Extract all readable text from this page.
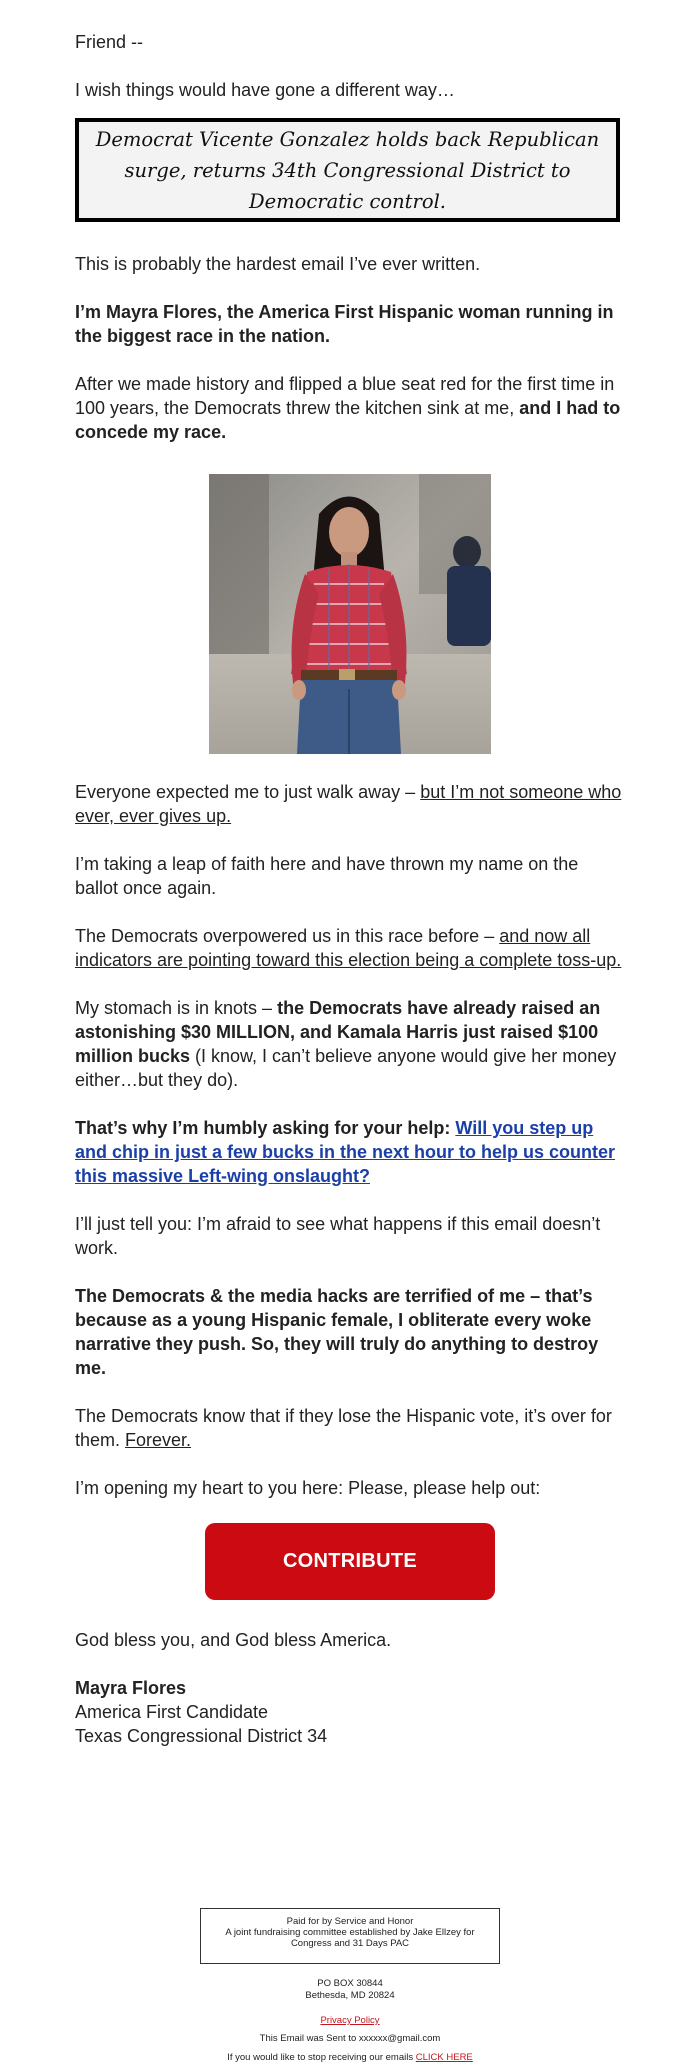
Friend --

I wish things would have gone a different way…

Democrat Vicente Gonzalez holds back Republican surge, returns 34th Congressional District to Democratic control.

This is probably the hardest email I’ve ever written.

I’m Mayra Flores, the America First Hispanic woman running in the biggest race in the nation.

After we made history and flipped a blue seat red for the first time in 100 years, the Democrats threw the kitchen sink at me, and I had to concede my race.

Everyone expected me to just walk away – but I’m not someone who ever, ever gives up.

I’m taking a leap of faith here and have thrown my name on the ballot once again.

The Democrats overpowered us in this race before – and now all indicators are pointing toward this election being a complete toss-up.

My stomach is in knots – the Democrats have already raised an astonishing $30 MILLION, and Kamala Harris just raised $100 million bucks (I know, I can’t believe anyone would give her money either…but they do).

That’s why I’m humbly asking for your help: Will you step up and chip in just a few bucks in the next hour to help us counter this massive Left-wing onslaught?

I’ll just tell you: I’m afraid to see what happens if this email doesn’t work.

The Democrats & the media hacks are terrified of me – that’s because as a young Hispanic female, I obliterate every woke narrative they push. So, they will truly do anything to destroy me.

The Democrats know that if they lose the Hispanic vote, it’s over for them. Forever.

I’m opening my heart to you here: Please, please help out:

CONTRIBUTE

God bless you, and God bless America.

Mayra Flores

America First Candidate

Texas Congressional District 34

Paid for by Service and Honor
A joint fundraising committee established by Jake Ellzey for Congress and 31 Days PAC
PO BOX 30844
Bethesda, MD 20824
Privacy Policy
This Email was Sent to xxxxxx@gmail.com
If you would like to stop receiving our emails CLICK HERE
